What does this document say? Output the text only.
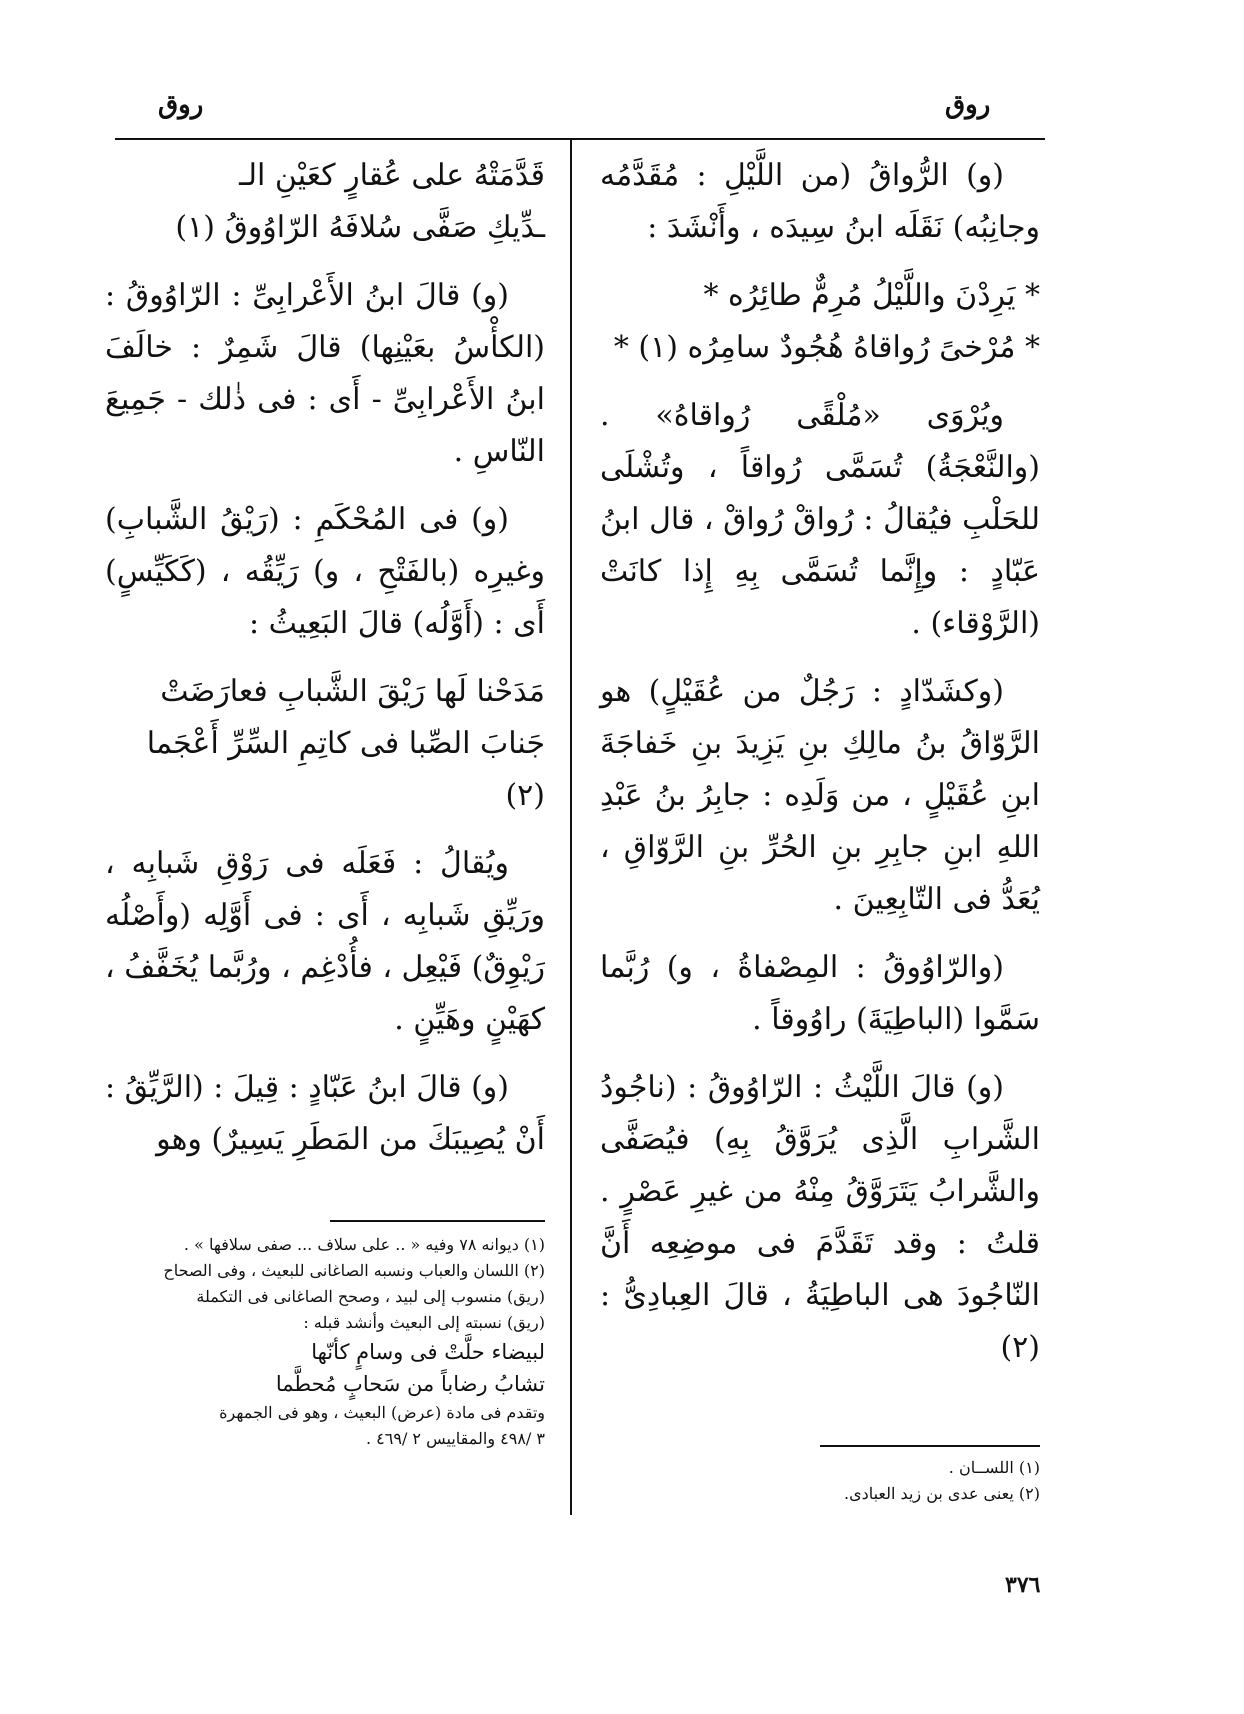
روق	روق

(و) الرُّواقُ (من اللَّيْلِ : مُقَدَّمُه وجانِبُه) نَقَلَه ابنُ سِيدَه ، وأَنْشَدَ :

* يَرِدْنَ واللَّيْلُ مُرِمٌّ طائِرُه *
* مُرْخىً رُواقاهُ هُجُودٌ سامِرُه (١) *

ويُرْوَى «مُلْقًى رُواقاهُ» . (والنَّعْجَةُ) تُسَمَّى رُواقاً ، وتُشْلَى للحَلْبِ فيُقالُ : رُواقْ رُواقْ ، قال ابنُ عَبّادٍ : وإِنَّما تُسَمَّى بِهِ إِذا كانَتْ (الرَّوْقاء) .

(وكشَدّادٍ : رَجُلٌ من عُقَيْلٍ) هو الرَّوّاقُ بنُ مالِكِ بنِ يَزِيدَ بنِ خَفاجَةَ ابنِ عُقَيْلٍ ، من وَلَدِه : جابِرُ بنُ عَبْدِ اللهِ ابنِ جابِرِ بنِ الحُرِّ بنِ الرَّوّاقِ ، يُعَدُّ فى التّابِعِينَ .

(والرّاوُوقُ : المِصْفاةُ ، و) رُبَّما سَمَّوا (الباطِيَةَ) راوُوقاً .

(و) قالَ اللَّيْثُ : الرّاوُوقُ : (ناجُودُ الشَّرابِ الَّذِى يُرَوَّقُ بِهِ) فيُصَفَّى والشَّرابُ يَتَرَوَّقُ مِنْهُ من غيرِ عَصْرٍ . قلتُ : وقد تَقَدَّمَ فى موضِعِه أَنَّ النّاجُودَ هى الباطِيَةُ ، قالَ العِبادِىُّ : (٢)

قَدَّمَتْهُ على عُقارٍ كعَيْنِ الـ
ـدِّيكِ صَفَّى سُلافَهُ الرّاوُوقُ (١)

(و) قالَ ابنُ الأَعْرابِىِّ : الرّاوُوقُ : (الكأْسُ بعَيْنِها) قالَ شَمِرٌ : خالَفَ ابنُ الأَعْرابِىِّ - أَى : فى ذٰلك - جَمِيعَ النّاسِ .

(و) فى المُحْكَمِ : (رَيْقُ الشَّبابِ) وغيرِه (بالفَتْحِ ، و) رَيِّقُه ، (كَكَيِّسٍ) أَى : (أَوَّلُه) قالَ البَعِيثُ :

مَدَحْنا لَها رَيْقَ الشَّبابِ فعارَضَتْ
جَنابَ الصِّبا فى كاتِمِ السِّرِّ أَعْجَما (٢)

ويُقالُ : فَعَلَه فى رَوْقِ شَبابِه ، ورَيِّقِ شَبابِه ، أَى : فى أَوَّلِه (وأَصْلُه رَيْوِقٌ) فَيْعِل ، فأُدْغِم ، ورُبَّما يُخَفَّفُ ، كهَيْنٍ وهَيِّنٍ .

(و) قالَ ابنُ عَبّادٍ : قِيلَ : (الرَّيِّقُ : أَنْ يُصِيبَكَ من المَطَرِ يَسِيرٌ) وهو

(١) ديوانه ٧٨ وفيه « .. على سلاف ... صفى سلافها » .
(٢) اللسان والعباب ونسبه الصاغانى للبعيث ، وفى الصحاح
(ريق) منسوب إلى لبيد ، وصحح الصاغانى فى التكملة
(ريق) نسبته إلى البعيث وأنشد قبله :
لبيضاء حلَّتْ فى وسامٍ كأنّها
تشابُ رضاباً من سَحابٍ مُحطَّما
وتقدم فى مادة (عرض) البعيث ، وهو فى الجمهرة
٣ /٤٩٨ والمقاييس ٢ /٤٦٩ .
(١) اللســان .
(٢) يعنى عدى بن زيد العبادى.
٣٧٦
